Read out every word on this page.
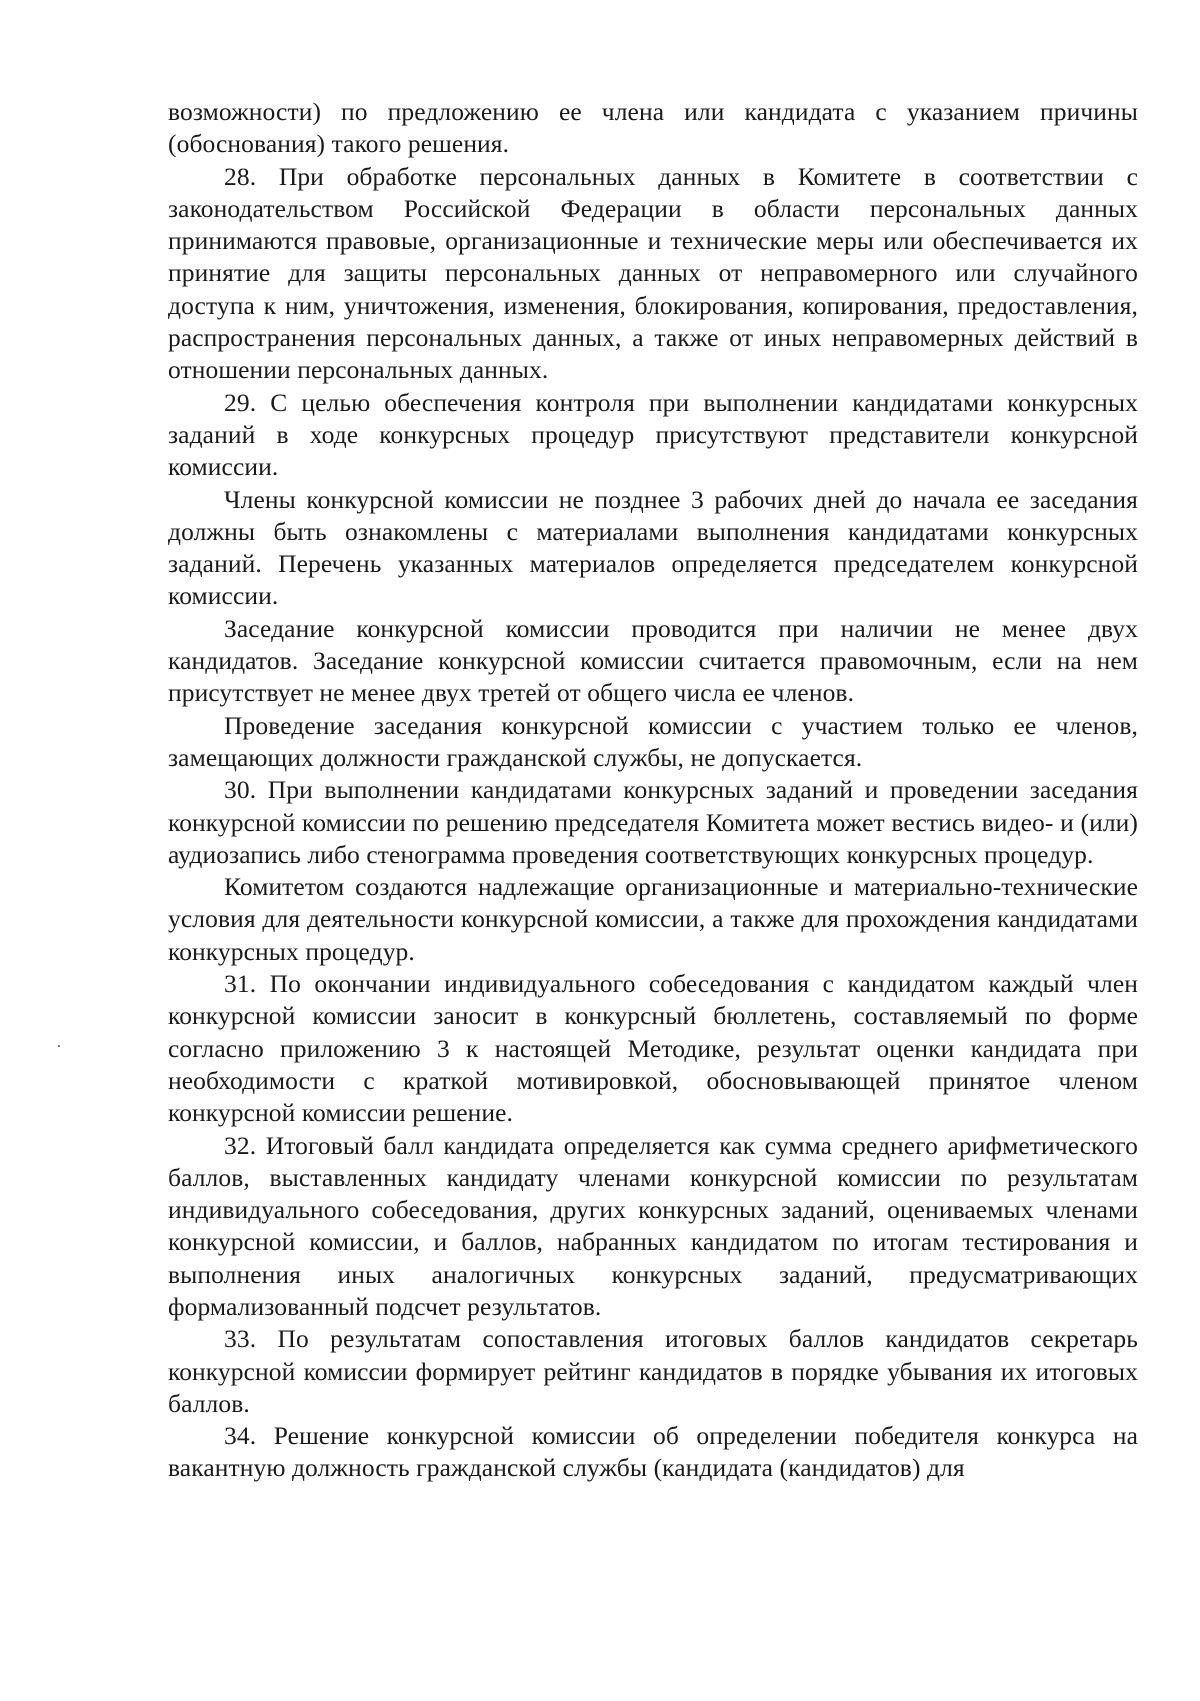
возможности) по предложению ее члена или кандидата с указанием причины (обоснования) такого решения.

28. При обработке персональных данных в Комитете в соответствии с законодательством Российской Федерации в области персональных данных принимаются правовые, организационные и технические меры или обеспечивается их принятие для защиты персональных данных от неправомерного или случайного доступа к ним, уничтожения, изменения, блокирования, копирования, предоставления, распространения персональных данных, а также от иных неправомерных действий в отношении персональных данных.

29. С целью обеспечения контроля при выполнении кандидатами конкурсных заданий в ходе конкурсных процедур присутствуют представители конкурсной комиссии.

Члены конкурсной комиссии не позднее 3 рабочих дней до начала ее заседания должны быть ознакомлены с материалами выполнения кандидатами конкурсных заданий. Перечень указанных материалов определяется председателем конкурсной комиссии.

Заседание конкурсной комиссии проводится при наличии не менее двух кандидатов. Заседание конкурсной комиссии считается правомочным, если на нем присутствует не менее двух третей от общего числа ее членов.

Проведение заседания конкурсной комиссии с участием только ее членов, замещающих должности гражданской службы, не допускается.

30. При выполнении кандидатами конкурсных заданий и проведении заседания конкурсной комиссии по решению председателя Комитета может вестись видео- и (или) аудиозапись либо стенограмма проведения соответствующих конкурсных процедур.

Комитетом создаются надлежащие организационные и материально-технические условия для деятельности конкурсной комиссии, а также для прохождения кандидатами конкурсных процедур.

31. По окончании индивидуального собеседования с кандидатом каждый член конкурсной комиссии заносит в конкурсный бюллетень, составляемый по форме согласно приложению 3 к настоящей Методике, результат оценки кандидата при необходимости с краткой мотивировкой, обосновывающей принятое членом конкурсной комиссии решение.

32. Итоговый балл кандидата определяется как сумма среднего арифметического баллов, выставленных кандидату членами конкурсной комиссии по результатам индивидуального собеседования, других конкурсных заданий, оцениваемых членами конкурсной комиссии, и баллов, набранных кандидатом по итогам тестирования и выполнения иных аналогичных конкурсных заданий, предусматривающих формализованный подсчет результатов.

33. По результатам сопоставления итоговых баллов кандидатов секретарь конкурсной комиссии формирует рейтинг кандидатов в порядке убывания их итоговых баллов.

34. Решение конкурсной комиссии об определении победителя конкурса на вакантную должность гражданской службы (кандидата (кандидатов) для
